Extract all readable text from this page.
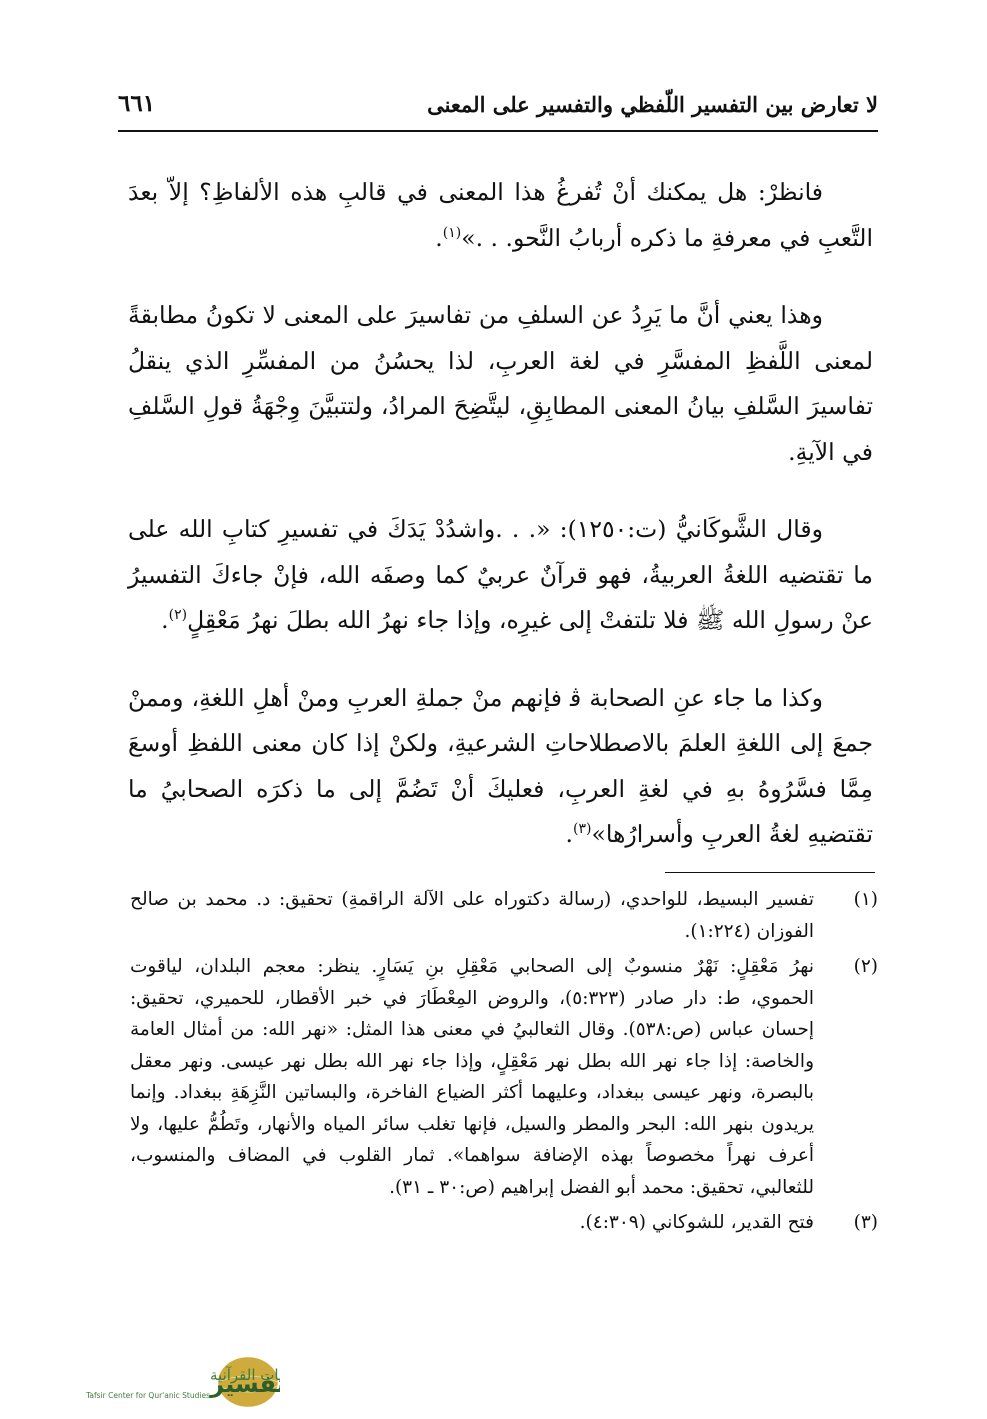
لا تعارض بين التفسير اللّفظي والتفسير على المعنى
٦٦١

فانظرْ: هل يمكنك أنْ تُفرغُ هذا المعنى في قالبِ هذه الألفاظِ؟ إلاّ بعدَ التَّعبِ في معرفةِ ما ذكره أربابُ النَّحو. . .»$^{(١)}$.

وهذا يعني أنَّ ما يَرِدُ عن السلفِ من تفاسيرَ على المعنى لا تكونُ مطابقةً لمعنى اللَّفظِ المفسَّرِ في لغة العربِ، لذا يحسُنُ من المفسِّرِ الذي ينقلُ تفاسيرَ السَّلفِ بيانُ المعنى المطابِقِ، ليتَّضِحَ المرادُ، ولتتبيَّنَ وِجْهَةُ قولِ السَّلفِ في الآيةِ.

وقال الشَّوكَانيُّ (ت:١٢٥٠): «. . .واشدُدْ يَدَكَ في تفسيرِ كتابِ الله على ما تقتضيه اللغةُ العربيةُ، فهو قرآنٌ عربيٌ كما وصفَه الله، فإنْ جاءكَ التفسيرُ عنْ رسولِ الله ﷺ فلا تلتفتْ إلى غيرِه، وإذا جاء نهرُ الله بطلَ نهرُ مَعْقِلٍ$^{(٢)}$.

وكذا ما جاء عنِ الصحابة ﭬ فإنهم منْ جملةِ العربِ ومنْ أهلِ اللغةِ، وممنْ جمعَ إلى اللغةِ العلمَ بالاصطلاحاتِ الشرعيةِ، ولكنْ إذا كان معنى اللفظِ أوسعَ مِمَّا فسَّرُوهُ بهِ في لغةِ العربِ، فعليكَ أنْ تَضُمَّ إلى ما ذكرَه الصحابيُ ما تقتضيهِ لغةُ العربِ وأسرارُها»$^{(٣)}$.

(١)
تفسير البسيط، للواحدي، (رسالة دكتوراه على الآلة الراقمةِ) تحقيق: د. محمد بن صالح الفوزان (١:٢٢٤).
(٢)
نهرُ مَعْقِلٍ: نَهْرٌ منسوبٌ إلى الصحابي مَعْقِلِ بنِ يَسَارٍ. ينظر: معجم البلدان، لياقوت الحموي، ط: دار صادر (٥:٣٢٣)، والروض المِعْطَارَ في خبر الأقطار، للحميري، تحقيق: إحسان عباس (ص:٥٣٨). وقال الثعالبيُ في معنى هذا المثل: «نهر الله: من أمثال العامة والخاصة: إذا جاء نهر الله بطل نهر مَعْقِلٍ، وإذا جاء نهر الله بطل نهر عيسى. ونهر معقل بالبصرة، ونهر عيسى ببغداد، وعليهما أكثر الضياع الفاخرة، والبساتين النَّزِهَةِ ببغداد. وإنما يريدون بنهر الله: البحر والمطر والسيل، فإنها تغلب سائر المياه والأنهار، وتَطُمُّ عليها، ولا أعرف نهراً مخصوصاً بهذه الإضافة سواهما». ثمار القلوب في المضاف والمنسوب، للثعالبي، تحقيق: محمد أبو الفضل إبراهيم (ص:٣٠ ـ ٣١).
(٣)
فتح القدير، للشوكاني (٤:٣٠٩).
تفسير
ات القرآنية
Tafsir Center for Qur'anic Studies
